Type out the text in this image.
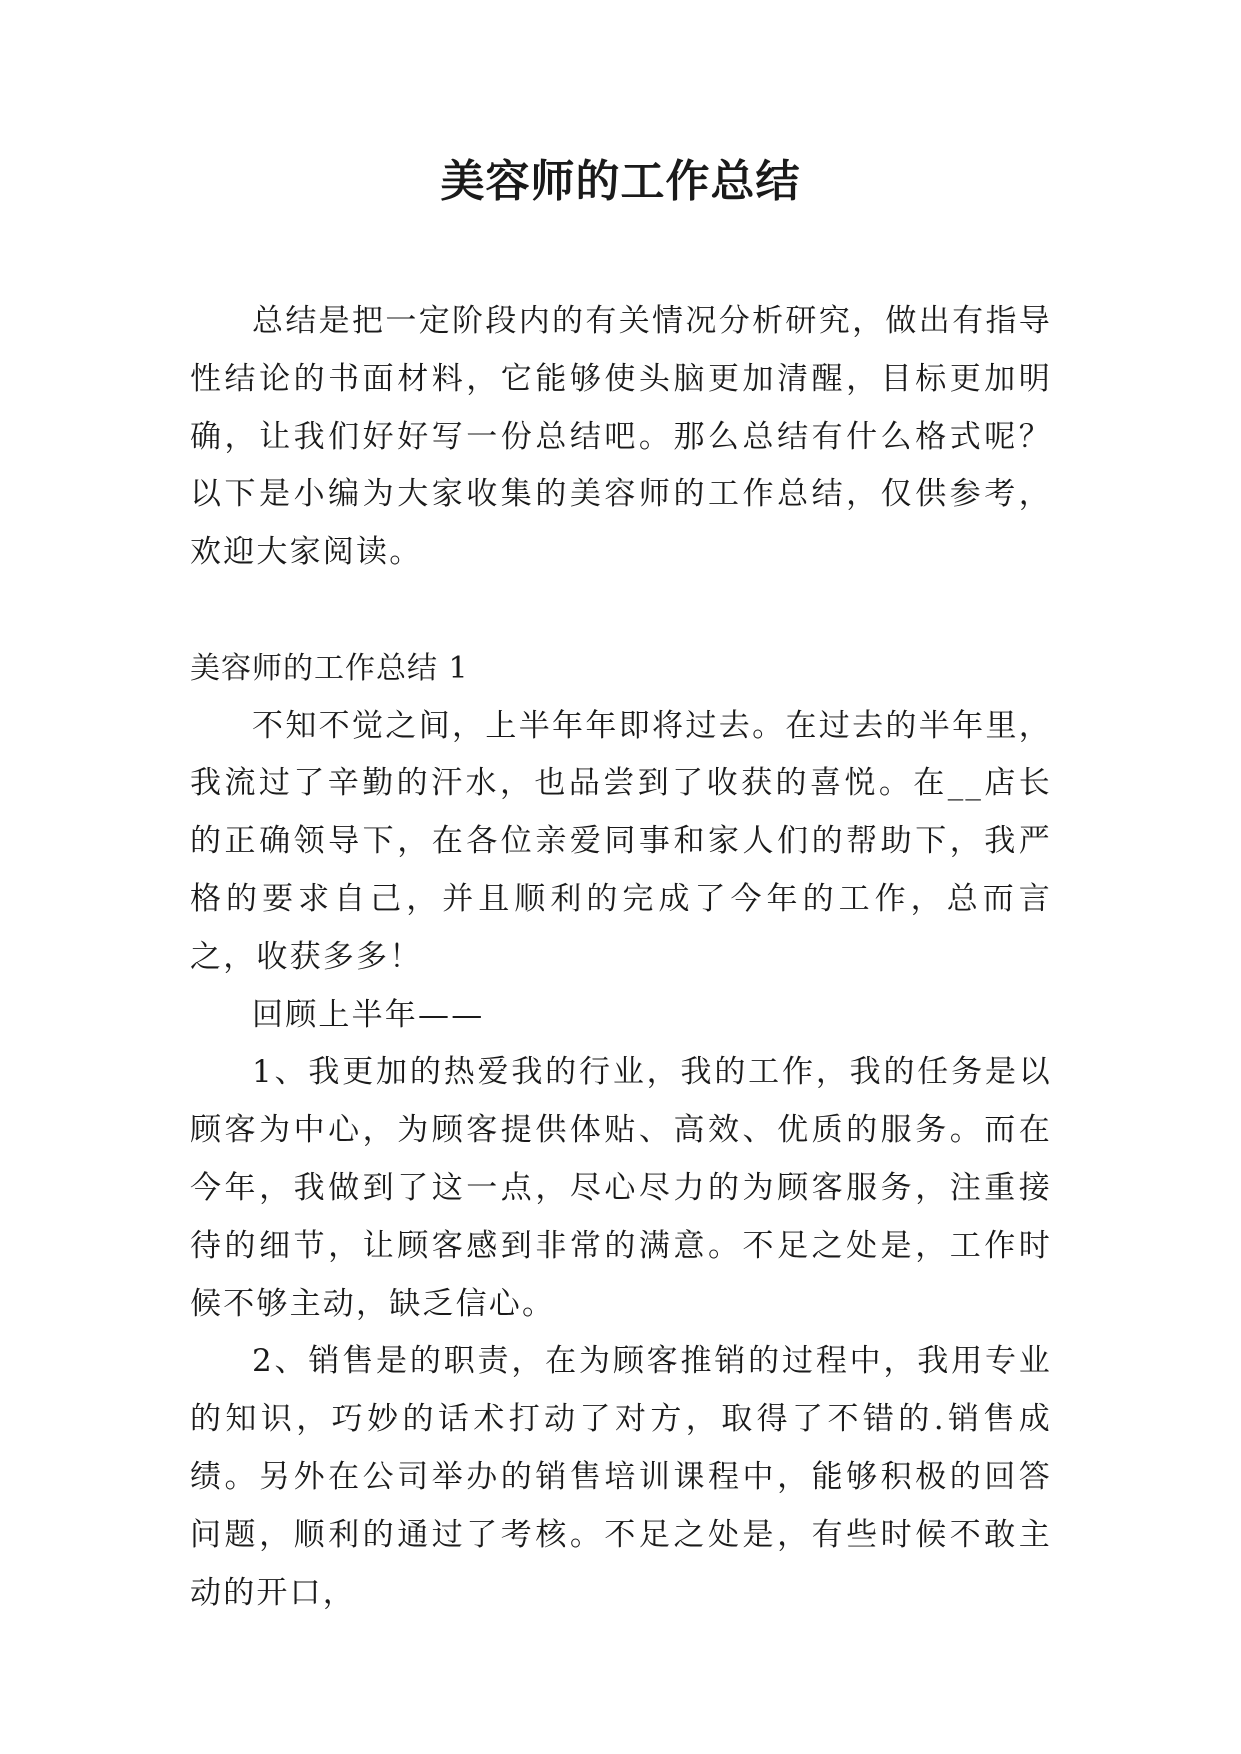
美容师的工作总结

总结是把一定阶段内的有关情况分析研究，做出有指导性结论的书面材料，它能够使头脑更加清醒，目标更加明确，让我们好好写一份总结吧。那么总结有什么格式呢？以下是小编为大家收集的美容师的工作总结，仅供参考，欢迎大家阅读。

美容师的工作总结 1

不知不觉之间，上半年年即将过去。在过去的半年里，我流过了辛勤的汗水，也品尝到了收获的喜悦。在__店长的正确领导下，在各位亲爱同事和家人们的帮助下，我严格的要求自己，并且顺利的完成了今年的工作，总而言之，收获多多！

回顾上半年——

1、我更加的热爱我的行业，我的工作，我的任务是以顾客为中心，为顾客提供体贴、高效、优质的服务。而在今年，我做到了这一点，尽心尽力的为顾客服务，注重接待的细节，让顾客感到非常的满意。不足之处是，工作时候不够主动，缺乏信心。

2、销售是的职责，在为顾客推销的过程中，我用专业的知识，巧妙的话术打动了对方，取得了不错的.销售成绩。另外在公司举办的销售培训课程中，能够积极的回答问题，顺利的通过了考核。不足之处是，有些时候不敢主动的开口，
